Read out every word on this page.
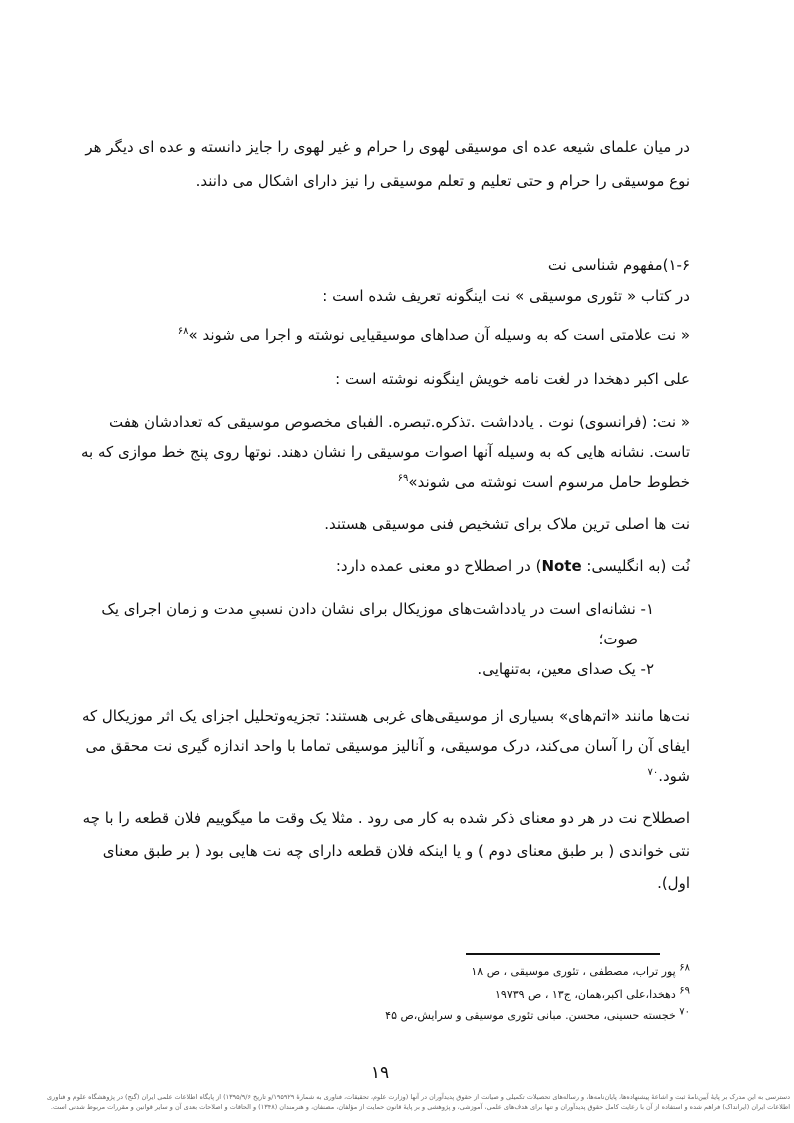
در میان علمای شیعه عده ای موسیقی لهوی را حرام و غیر لهوی را جایز دانسته و عده ای دیگر هر
نوع موسیقی را حرام و حتی تعلیم و تعلم موسیقی را نیز دارای اشکال می دانند.
۱-۶)مفهوم شناسی نت
در کتاب « تئوری موسیقی » نت اینگونه تعریف شده است :
« نت علامتی است که به وسیله آن صداهای موسیقیایی نوشته و اجرا می شوند »$^{۶۸}$
علی اکبر دهخدا در لغت نامه خویش اینگونه نوشته است :
« نت: (فرانسوی) نوت . یادداشت .تذکره.تبصره. الفبای مخصوص موسیقی که تعدادشان هفت
تاست. نشانه هایی که به وسیله آنها اصوات موسیقی را نشان دهند. نوتها روی پنج خط موازی که به
خطوط حامل مرسوم است نوشته می شوند»$^{۶۹}$
نت ها اصلی ترین ملاک برای تشخیص فنی موسیقی هستند.
نُت (به انگلیسی: Note) در اصطلاح دو معنی عمده دارد:
۱- نشانه‌ای است در یادداشت‌های موزیکال برای نشان دادن نسبیِ مدت و زمان اجرای یک
صوت؛
۲- یک صدای معین، به‌تنهایی.
نت‌ها مانند «اتم‌های» بسیاری از موسیقی‌های غربی هستند: تجزیه‌وتحلیل اجزای یک اثر موزیکال که
ایفای آن را آسان می‌کند، درک موسیقی، و آنالیز موسیقی تماما با واحد اندازه گیری نت محقق می
شود.$^{۷۰}$
اصطلاح نت در هر دو معنای ذکر شده به کار می رود . مثلا یک وقت ما میگوییم فلان قطعه را با چه
نتی خواندی ( بر طبق معنای دوم ) و یا اینکه فلان قطعه دارای چه نت هایی بود ( بر طبق معنای
اول).
$^{۶۸}$ پور تراب، مصطفی ، تئوری موسیقی ، ص ۱۸
$^{۶۹}$ دهخدا،علی اکبر،همان، ج۱۳ ، ص ۱۹۷۳۹
$^{۷۰}$ خجسته حسینی، محسن. مبانی تئوری موسیقی و سرایش،ص ۴۵
۱۹
دسترسی به این مدرک بر پایهٔ آیین‌نامهٔ ثبت و اشاعهٔ پیشنهاده‌ها، پایان‌نامه‌ها، و رساله‌های تحصیلات تکمیلی و صیانت از حقوق پدیدآوران در آنها (وزارت علوم، تحقیقات، فناوری به شمارهٔ ۱۹۵۹۲۹/و تاریخ ۱۳۹۵/۹/۶) از پایگاه اطلاعات علمی ایران (گنج) در پژوهشگاه علوم و فناوری
اطلاعات ایران (ایرانداک) فراهم شده و استفاده از آن با رعایت کامل حقوق پدیدآوران و تنها برای هدف‌های علمی، آموزشی، و پژوهشی و بر پایهٔ قانون حمایت از مؤلفان، مصنفان، و هنرمندان (۱۳۴۸) و الحاقات و اصلاحات بعدی آن و سایر قوانین و مقررات مربوط شدنی است.
